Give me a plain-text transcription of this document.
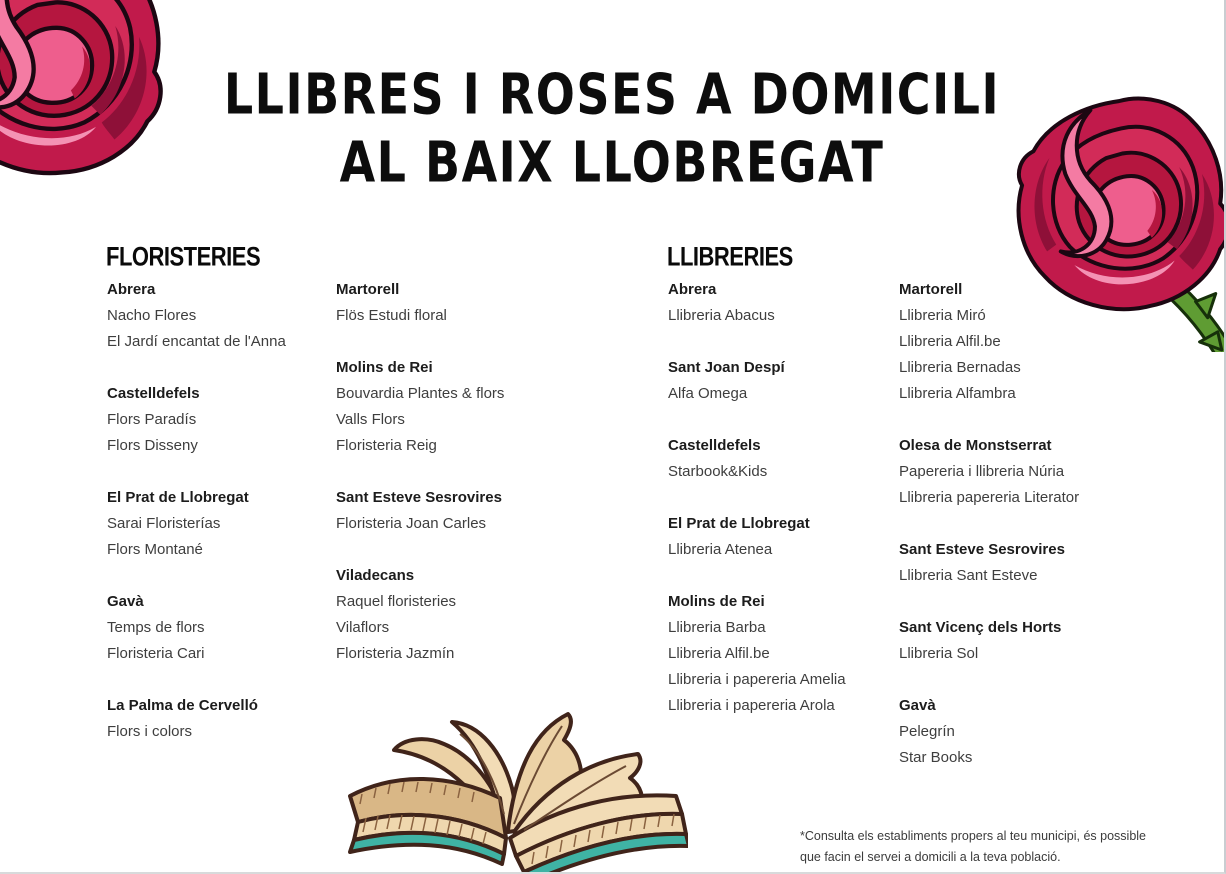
LLIBRES I ROSES A DOMICILI
AL BAIX LLOBREGAT
FLORISTERIES
Abrera
Nacho Flores
El Jardí encantat de l'Anna
Castelldefels
Flors Paradís
Flors Disseny
El Prat de Llobregat
Sarai Floristerías
Flors Montané
Gavà
Temps de flors
Floristeria Cari
La Palma de Cervelló
Flors i colors
Martorell
Flös Estudi floral
Molins de Rei
Bouvardia Plantes & flors
Valls Flors
Floristeria Reig
Sant Esteve Sesrovires
Floristeria Joan Carles
Viladecans
Raquel floristeries
Vilaflors
Floristeria Jazmín
LLIBRERIES
Abrera
Llibreria Abacus
Sant Joan Despí
Alfa Omega
Castelldefels
Starbook&Kids
El Prat de Llobregat
Llibreria Atenea
Molins de Rei
Llibreria Barba
Llibreria Alfil.be
Llibreria i papereria Amelia
Llibreria i papereria Arola
Martorell
Llibreria Miró
Llibreria Alfil.be
Llibreria Bernadas
Llibreria Alfambra
Olesa de Monstserrat
Papereria i llibreria Núria
Llibreria papereria Literator
Sant Esteve Sesrovires
Llibreria Sant Esteve
Sant Vicenç dels Horts
Llibreria Sol
Gavà
Pelegrín
Star Books
*Consulta els establiments propers al teu municipi, és possible
que facin el servei a domicili a la teva població.
